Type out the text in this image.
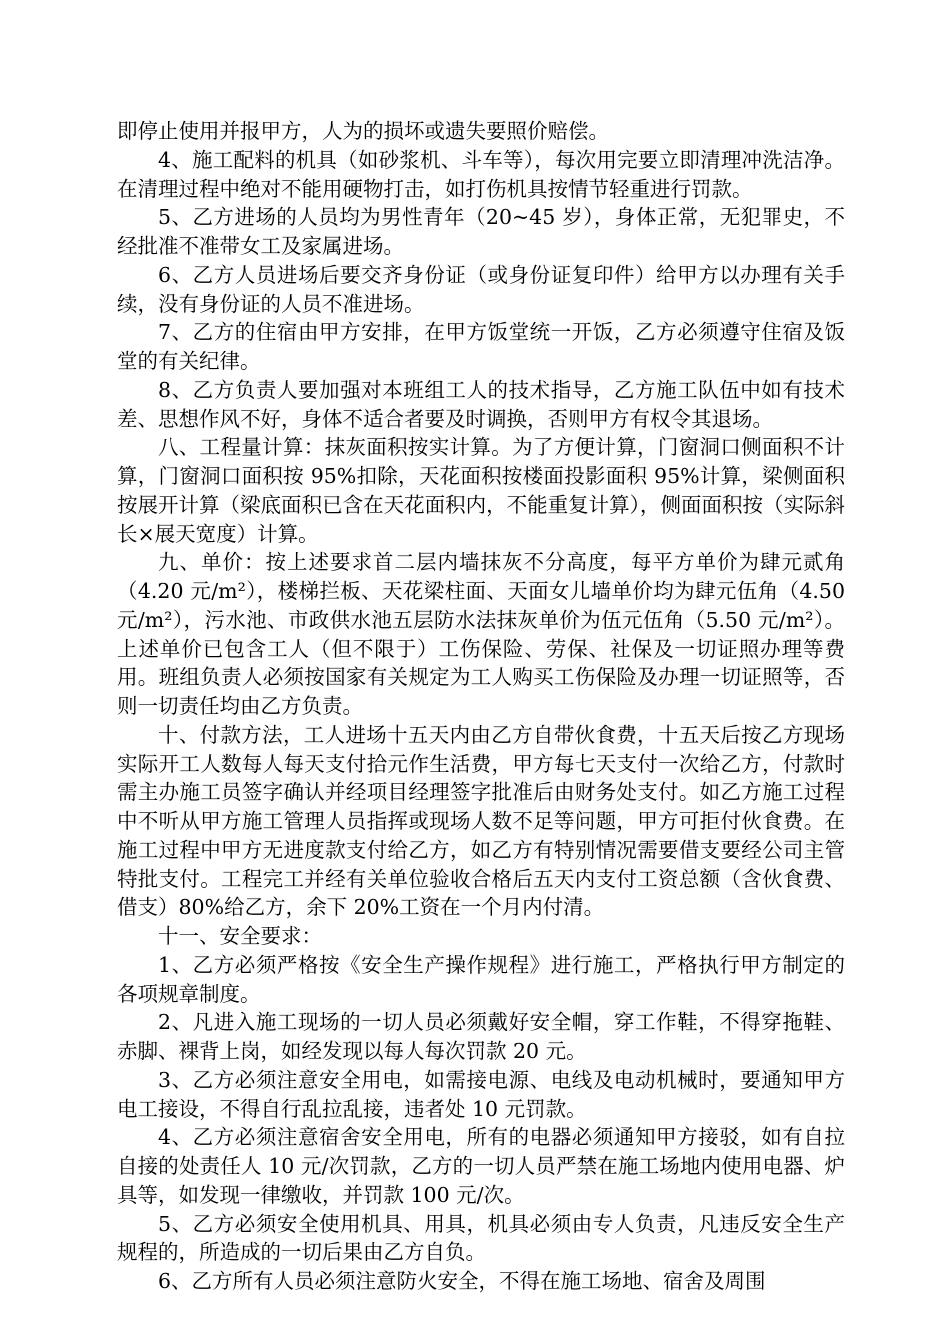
即停止使用并报甲方，人为的损坏或遗失要照价赔偿。

4、施工配料的机具（如砂浆机、斗车等），每次用完要立即清理冲洗洁净。在清理过程中绝对不能用硬物打击，如打伤机具按情节轻重进行罚款。

5、乙方进场的人员均为男性青年（20~45 岁），身体正常，无犯罪史，不经批准不准带女工及家属进场。

6、乙方人员进场后要交齐身份证（或身份证复印件）给甲方以办理有关手续，没有身份证的人员不准进场。

7、乙方的住宿由甲方安排，在甲方饭堂统一开饭，乙方必须遵守住宿及饭堂的有关纪律。

8、乙方负责人要加强对本班组工人的技术指导，乙方施工队伍中如有技术差、思想作风不好，身体不适合者要及时调换，否则甲方有权令其退场。

八、工程量计算：抹灰面积按实计算。为了方便计算，门窗洞口侧面积不计算，门窗洞口面积按 95%扣除，天花面积按楼面投影面积 95%计算，梁侧面积按展开计算（梁底面积已含在天花面积内，不能重复计算），侧面面积按（实际斜长×展天宽度）计算。

九、单价：按上述要求首二层内墙抹灰不分高度，每平方单价为肆元贰角（4.20 元/m²），楼梯拦板、天花梁柱面、天面女儿墙单价均为肆元伍角（4.50 元/m²），污水池、市政供水池五层防水法抹灰单价为伍元伍角（5.50 元/m²）。上述单价已包含工人（但不限于）工伤保险、劳保、社保及一切证照办理等费用。班组负责人必须按国家有关规定为工人购买工伤保险及办理一切证照等，否则一切责任均由乙方负责。

十、付款方法，工人进场十五天内由乙方自带伙食费，十五天后按乙方现场实际开工人数每人每天支付拾元作生活费，甲方每七天支付一次给乙方，付款时需主办施工员签字确认并经项目经理签字批准后由财务处支付。如乙方施工过程中不听从甲方施工管理人员指挥或现场人数不足等问题，甲方可拒付伙食费。在施工过程中甲方无进度款支付给乙方，如乙方有特别情况需要借支要经公司主管特批支付。工程完工并经有关单位验收合格后五天内支付工资总额（含伙食费、借支）80%给乙方，余下 20%工资在一个月内付清。

十一、安全要求：

1、乙方必须严格按《安全生产操作规程》进行施工，严格执行甲方制定的各项规章制度。

2、凡进入施工现场的一切人员必须戴好安全帽，穿工作鞋，不得穿拖鞋、赤脚、裸背上岗，如经发现以每人每次罚款 20 元。

3、乙方必须注意安全用电，如需接电源、电线及电动机械时，要通知甲方电工接设，不得自行乱拉乱接，违者处 10 元罚款。

4、乙方必须注意宿舍安全用电，所有的电器必须通知甲方接驳，如有自拉自接的处责任人 10 元/次罚款，乙方的一切人员严禁在施工场地内使用电器、炉具等，如发现一律缴收，并罚款 100 元/次。

5、乙方必须安全使用机具、用具，机具必须由专人负责，凡违反安全生产规程的，所造成的一切后果由乙方自负。

6、乙方所有人员必须注意防火安全，不得在施工场地、宿舍及周围
